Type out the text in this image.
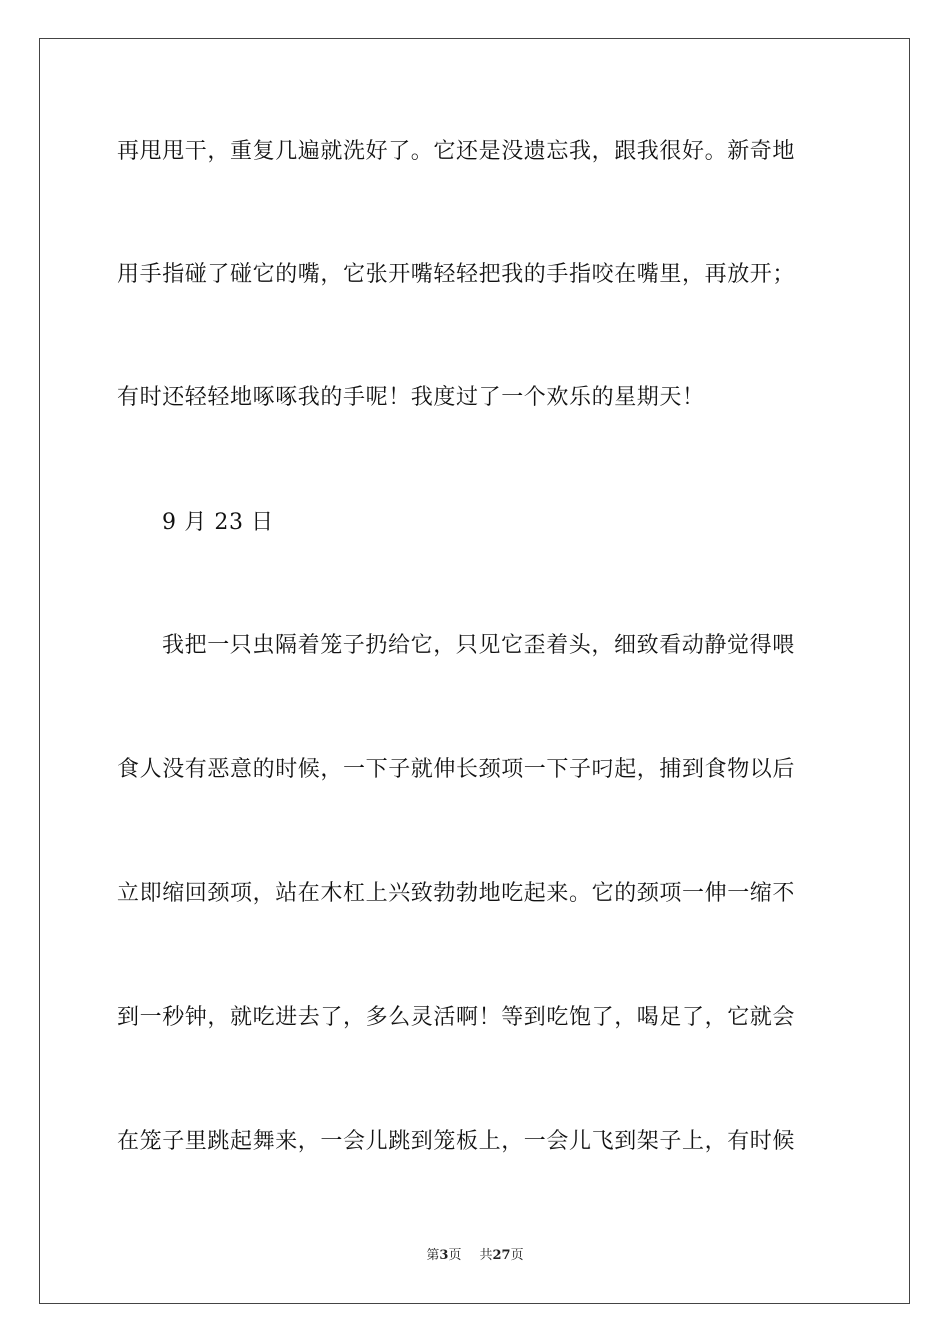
再甩甩干，重复几遍就洗好了。它还是没遗忘我，跟我很好。新奇地
用手指碰了碰它的嘴，它张开嘴轻轻把我的手指咬在嘴里，再放开；
有时还轻轻地啄啄我的手呢！我度过了一个欢乐的星期天！
9 月 23 日
我把一只虫隔着笼子扔给它，只见它歪着头，细致看动静觉得喂
食人没有恶意的时候，一下子就伸长颈项一下子叼起，捕到食物以后
立即缩回颈项，站在木杠上兴致勃勃地吃起来。它的颈项一伸一缩不
到一秒钟，就吃进去了，多么灵活啊！等到吃饱了，喝足了，它就会
在笼子里跳起舞来，一会儿跳到笼板上，一会儿飞到架子上，有时候
第3页 共27页
